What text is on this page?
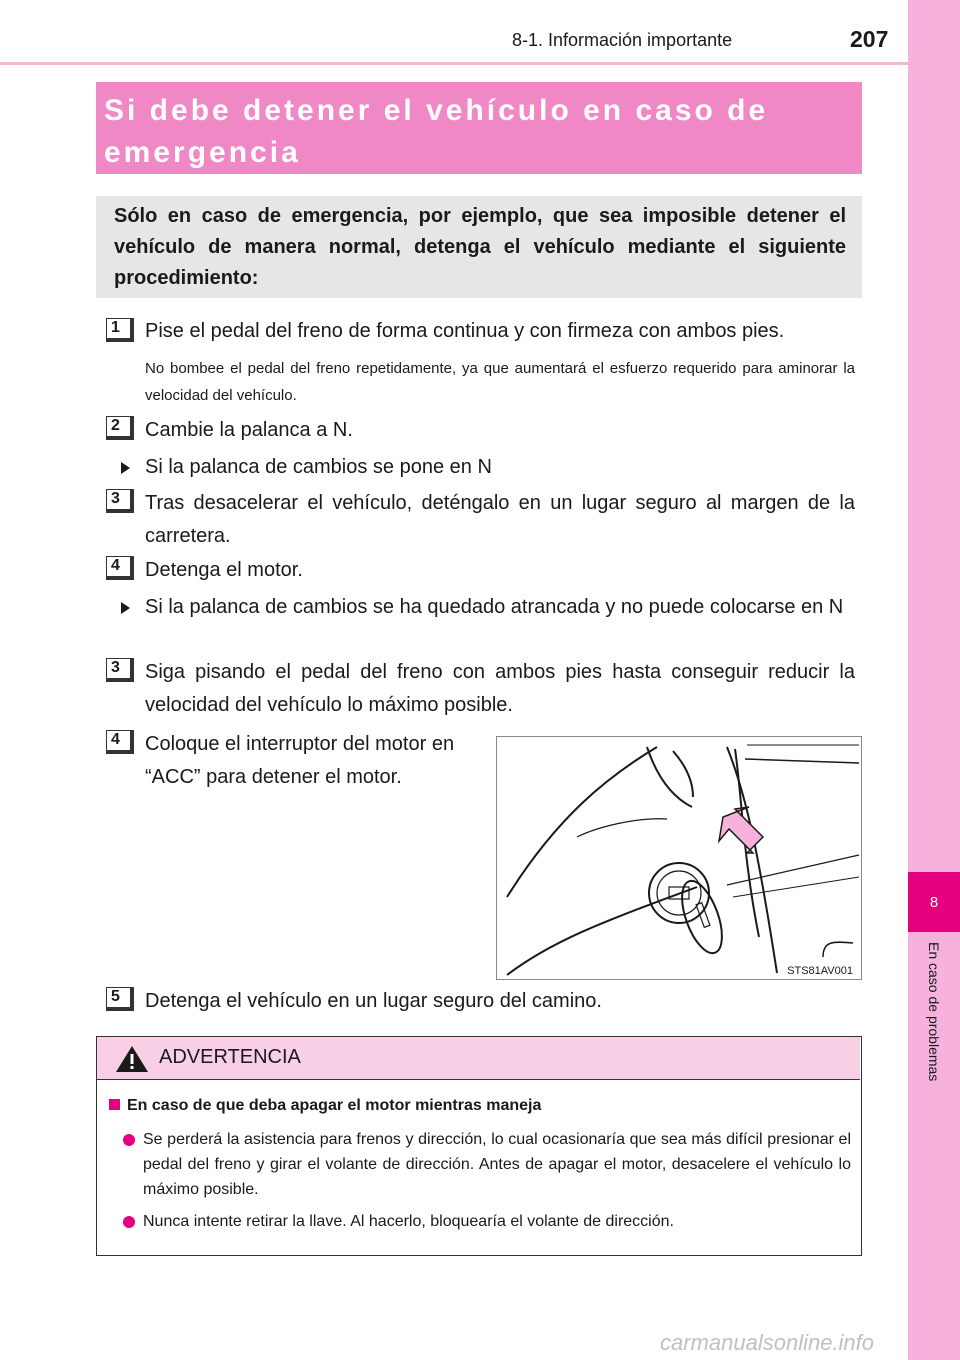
8-1. Información importante	207
8
En caso de problemas
Si debe detener el vehículo en caso de emergencia
Sólo en caso de emergencia, por ejemplo, que sea imposible detener el vehículo de manera normal, detenga el vehículo mediante el siguiente procedimiento:
1	Pise el pedal del freno de forma continua y con firmeza con ambos pies.
No bombee el pedal del freno repetidamente, ya que aumentará el esfuerzo requerido para aminorar la velocidad del vehículo.
2	Cambie la palanca a N.
Si la palanca de cambios se pone en N
3	Tras desacelerar el vehículo, deténgalo en un lugar seguro al margen de la carretera.
4	Detenga el motor.
Si la palanca de cambios se ha quedado atrancada y no puede colocarse en N
3	Siga pisando el pedal del freno con ambos pies hasta conseguir reducir la velocidad del vehículo lo máximo posible.
4	Coloque el interruptor del motor en “ACC” para detener el motor.
STS81AV001
5	Detenga el vehículo en un lugar seguro del camino.
ADVERTENCIA
En caso de que deba apagar el motor mientras maneja
Se perderá la asistencia para frenos y dirección, lo cual ocasionaría que sea más difícil presionar el pedal del freno y girar el volante de dirección. Antes de apagar el motor, desacelere el vehículo lo máximo posible.
Nunca intente retirar la llave. Al hacerlo, bloquearía el volante de dirección.
carmanualsonline.info
